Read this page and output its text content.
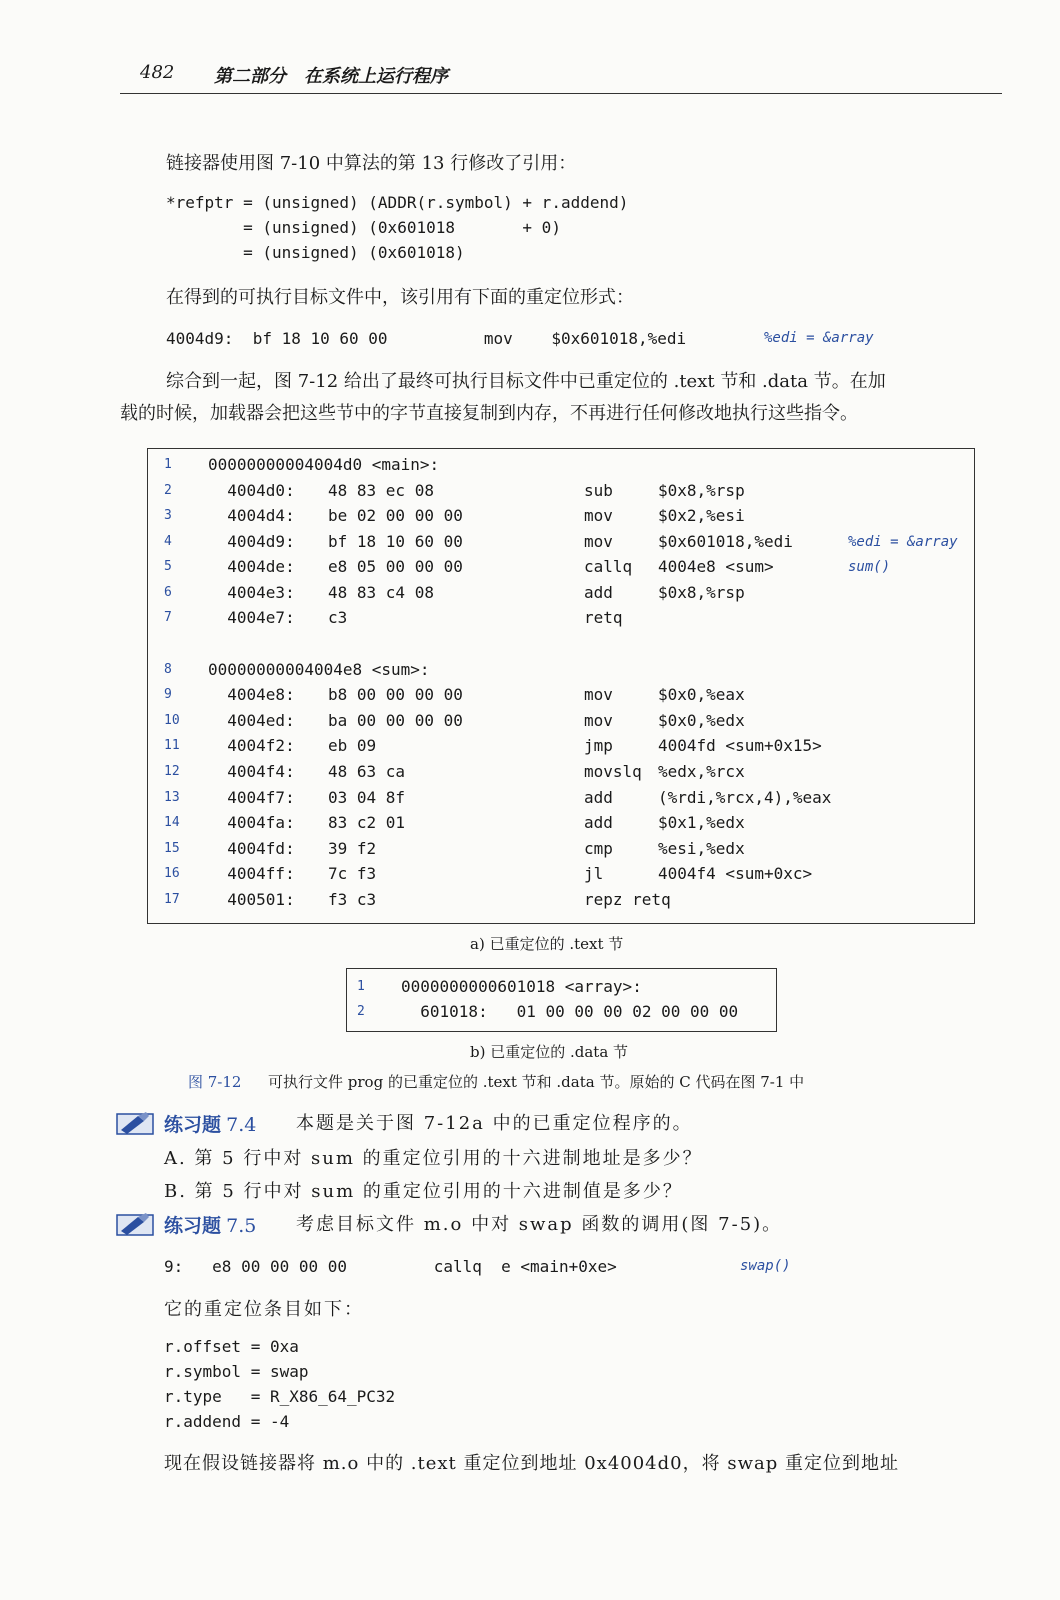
482 第二部分　在系统上运行程序
链接器使用图 7-10 中算法的第 13 行修改了引用：
*refptr = (unsigned) (ADDR(r.symbol) + r.addend)
= (unsigned) (0x601018       + 0)
= (unsigned) (0x601018)
在得到的可执行目标文件中，该引用有下面的重定位形式：
4004d9:  bf 18 10 60 00          mov    $0x601018,%edi	%edi = &array
综合到一起，图 7-12 给出了最终可执行目标文件中已重定位的 .text 节和 .data 节。在加
载的时候，加载器会把这些节中的字节直接复制到内存，不再进行任何修改地执行这些指令。
1	00000000004004d0 <main>:
2	4004d0: 48 83 ec 08	sub	$0x8,%rsp
3	4004d4: be 02 00 00 00	mov	$0x2,%esi
4	4004d9: bf 18 10 60 00	mov	$0x601018,%edi	%edi = &array
5	4004de: e8 05 00 00 00	callq 4004e8 <sum>	sum()
6	4004e3: 48 83 c4 08	add	$0x8,%rsp
7	4004e7: c3	retq
8	00000000004004e8 <sum>:
9	4004e8: b8 00 00 00 00	mov	$0x0,%eax
10	4004ed: ba 00 00 00 00	mov	$0x0,%edx
11	4004f2: eb 09	jmp	4004fd <sum+0x15>
12	4004f4: 48 63 ca	movslq %edx,%rcx
13	4004f7: 03 04 8f	add	(%rdi,%rcx,4),%eax
14	4004fa: 83 c2 01	add	$0x1,%edx
15	4004fd: 39 f2	cmp	%esi,%edx
16	4004ff: 7c f3	jl	4004f4 <sum+0xc>
17	400501: f3 c3	repz retq
a) 已重定位的 .text 节
1	0000000000601018 <array>:
2	601018:   01 00 00 00 02 00 00 00
b) 已重定位的 .data 节
图 7-12 可执行文件 prog 的已重定位的 .text 节和 .data 节。原始的 C 代码在图 7-1 中
练习题 7.4 本题是关于图 7-12a 中的已重定位程序的。
A. 第 5 行中对 sum 的重定位引用的十六进制地址是多少？
B. 第 5 行中对 sum 的重定位引用的十六进制值是多少？
练习题 7.5 考虑目标文件 m.o 中对 swap 函数的调用(图 7-5)。
9:   e8 00 00 00 00         callq  e <main+0xe>	swap()
它的重定位条目如下：
r.offset = 0xa
r.symbol = swap
r.type   = R_X86_64_PC32
r.addend = -4
现在假设链接器将 m.o 中的 .text 重定位到地址 0x4004d0，将 swap 重定位到地址
